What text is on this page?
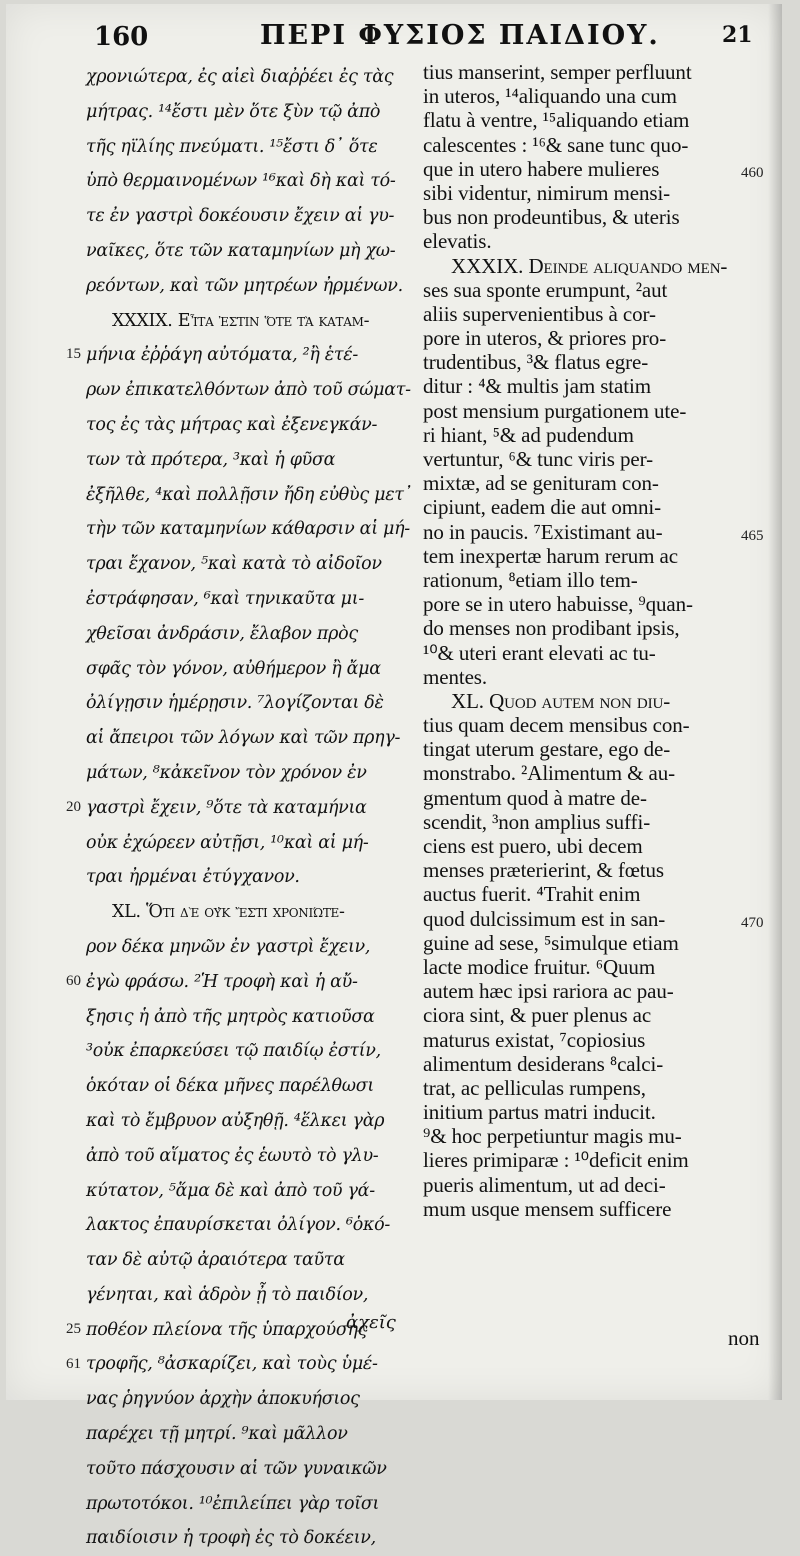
160	ΠΕΡΙ ΦΥΣΙΟΣ ΠΑΙΔΙΟΥ.	21
χρονιώτερα, ἐς αἰεὶ διαῤῥέει ἐς τὰς
μήτρας. ¹⁴ἔστι μὲν ὅτε ξὺν τῷ ἀπὸ
τῆς ηϊλίης πνεύματι. ¹⁵ἔστι δ᾽ ὅτε
ὑπὸ θερμαινομένων ¹⁶καὶ δὴ καὶ τό-
τε ἐν γαστρὶ δοκέουσιν ἔχειν αἱ γυ-
ναῖκες, ὅτε τῶν καταμηνίων μὴ χω-
ρεόντων, καὶ τῶν μητρέων ἠρμένων.
XXXIX. Εἶτα ἐστιν ὅτε τὰ καταμ-
μήνια ἐῤῥάγη αὐτόματα, ²ἢ ἑτέ-
ρων ἐπικατελθόντων ἀπὸ τοῦ σώματ-
τος ἐς τὰς μήτρας καὶ ἐξενεγκάν-
των τὰ πρότερα, ³καὶ ἡ φῦσα
ἐξῆλθε, ⁴καὶ πολλῇσιν ἤδη εὐθὺς μετ᾽
τὴν τῶν καταμηνίων κάθαρσιν αἱ μή-
τραι ἔχανον, ⁵καὶ κατὰ τὸ αἰδοῖον
ἐστράφησαν, ⁶καὶ τηνικαῦτα μι-
χθεῖσαι ἀνδράσιν, ἔλαβον πρὸς
σφᾶς τὸν γόνον, αὐθήμερον ἢ ἄμα
ὀλίγῃσιν ἡμέρῃσιν. ⁷λογίζονται δὲ
αἱ ἄπειροι τῶν λόγων καὶ τῶν πρηγ-
μάτων, ⁸κἀκεῖνον τὸν χρόνον ἐν
γαστρὶ ἔχειν, ⁹ὅτε τὰ καταμήνια
οὐκ ἐχώρεεν αὐτῇσι, ¹⁰καὶ αἱ μή-
τραι ἠρμέναι ἐτύγχανον.
XL. Ὅτι δὲ οὐκ ἔστι χρονιώτε-
ρον δέκα μηνῶν ἐν γαστρὶ ἔχειν,
ἐγὼ φράσω. ²Ἡ τροφὴ καὶ ἡ αὔ-
ξησις ἡ ἀπὸ τῆς μητρὸς κατιοῦσα
³οὐκ ἐπαρκεύσει τῷ παιδίῳ ἐστίν,
ὁκόταν οἱ δέκα μῆνες παρέλθωσι
καὶ τὸ ἔμβρυον αὐξηθῇ. ⁴ἕλκει γὰρ
ἀπὸ τοῦ αἵματος ἐς ἑωυτὸ τὸ γλυ-
κύτατον, ⁵ἅμα δὲ καὶ ἀπὸ τοῦ γά-
λακτος ἐπαυρίσκεται ὀλίγον. ⁶ὁκό-
ταν δὲ αὐτῷ ἀραιότερα ταῦτα
γένηται, καὶ ἁδρὸν ᾖ τὸ παιδίον,
ποθέον πλείονα τῆς ὑπαρχούσης
τροφῆς, ⁸ἀσκαρίζει, καὶ τοὺς ὑμέ-
νας ῥηγνύον ἀρχὴν ἀποκυήσιος
παρέχει τῇ μητρί. ⁹καὶ μᾶλλον
τοῦτο πάσχουσιν αἱ τῶν γυναικῶν
πρωτοτόκοι. ¹⁰ἐπιλείπει γὰρ τοῖσι
παιδίοισιν ἡ τροφὴ ἐς τὸ δοκέειν,
15
20
60
25
61
tius manserint, semper perfluunt
in uteros, ¹⁴aliquando una cum
flatu à ventre, ¹⁵aliquando etiam
calescentes : ¹⁶& sane tunc quo-
que in utero habere mulieres
sibi videntur, nimirum mensi-
bus non prodeuntibus, & uteris
elevatis.
XXXIX. Deinde aliquando men-
ses sua sponte erumpunt, ²aut
aliis supervenientibus à cor-
pore in uteros, & priores pro-
trudentibus, ³& flatus egre-
ditur : ⁴& multis jam statim
post mensium purgationem ute-
ri hiant, ⁵& ad pudendum
vertuntur, ⁶& tunc viris per-
mixtæ, ad se genituram con-
cipiunt, eadem die aut omni-
no in paucis. ⁷Existimant au-
tem inexpertæ harum rerum ac
rationum, ⁸etiam illo tem-
pore se in utero habuisse, ⁹quan-
do menses non prodibant ipsis,
¹⁰& uteri erant elevati ac tu-
mentes.
XL. Quod autem non diu-
tius quam decem mensibus con-
tingat uterum gestare, ego de-
monstrabo. ²Alimentum & au-
gmentum quod à matre de-
scendit, ³non amplius suffi-
ciens est puero, ubi decem
menses præterierint, & fœtus
auctus fuerit. ⁴Trahit enim
quod dulcissimum est in san-
guine ad sese, ⁵simulque etiam
lacte modice fruitur. ⁶Quum
autem hæc ipsi rariora ac pau-
ciora sint, & puer plenus ac
maturus existat, ⁷copiosius
alimentum desiderans ⁸calci-
trat, ac pelliculas rumpens,
initium partus matri inducit.
⁹& hoc perpetiuntur magis mu-
lieres primiparæ : ¹⁰deficit enim
pueris alimentum, ut ad deci-
mum usque mensem sufficere
460
465
470
ἀχεῖς
non
